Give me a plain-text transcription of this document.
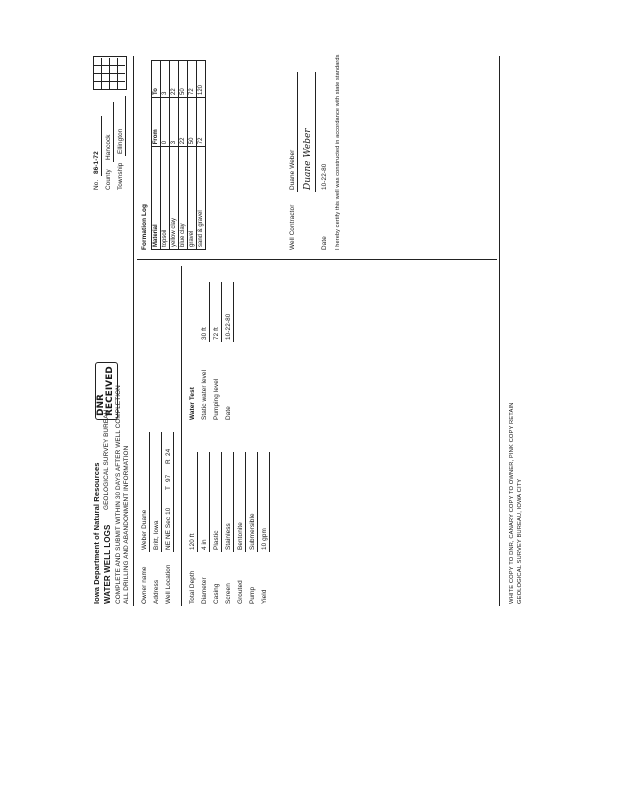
Iowa Department of Natural Resources WATER WELL LOGS
GEOLOGICAL SURVEY BUREAU COMPLETE AND SUBMIT WITHIN 30 DAYS AFTER WELL COMPLETION ALL DRILLING AND ABANDONMENT INFORMATION
DNR RECEIVED
No.
86-1-72
County
Hancock
Township
Ellington
Owner name
Weber Duane
Address
Britt, Iowa
Well Location
NE NE Sec 10
T
97
R
24
Total Depth
120 ft
Diameter
4 in
Casing
Plastic
Screen
Stainless
Grouted
Bentonite
Pump
Submersible
Yield
10 gpm
Water Test Static water level
30 ft
Pumping level
72 ft
Date
10-22-80
Formation Log Material	From	To
topsoil	0	3
yellow clay	3	22
blue clay	22	50
gravel	50	72
sand & gravel	72	120
Well Contractor
Duane Weber Duane Weber
Date
10-22-80 I hereby certify this well was constructed in accordance with state standards
WHITE COPY TO DNR, CANARY COPY TO OWNER, PINK COPY RETAIN GEOLOGICAL SURVEY BUREAU, IOWA CITY
